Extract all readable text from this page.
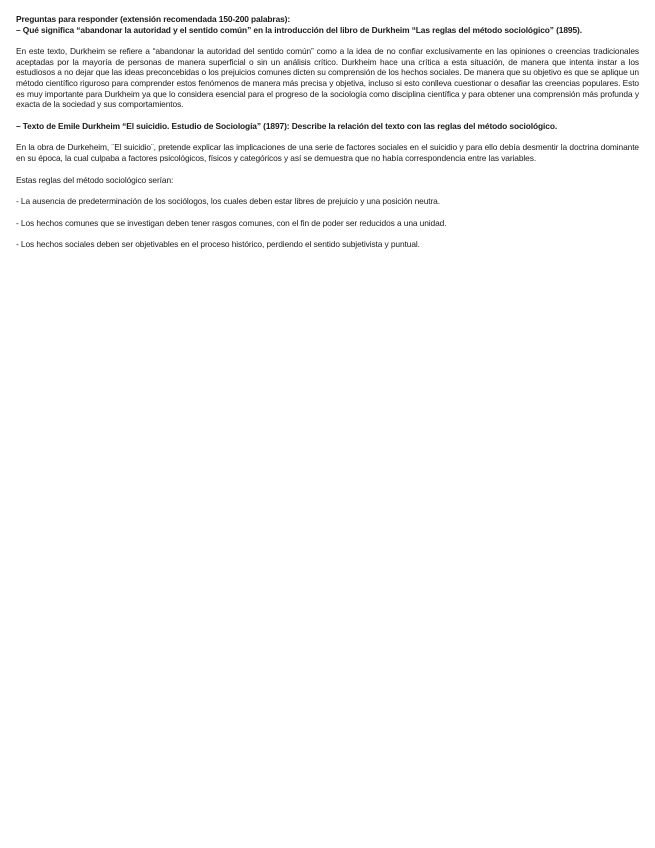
Preguntas para responder (extensión recomendada 150-200 palabras):

– Qué significa “abandonar la autoridad y el sentido común” en la introducción del libro de Durkheim “Las reglas del método sociológico” (1895).

En este texto, Durkheim se refiere a “abandonar la autoridad del sentido común” como a la idea de no confiar exclusivamente en las opiniones o creencias tradicionales aceptadas por la mayoría de personas de manera superficial o sin un análisis crítico. Durkheim hace una crítica a esta situación, de manera que intenta instar a los estudiosos a no dejar que las ideas preconcebidas o los prejuicios comunes dicten su comprensión de los hechos sociales. De manera que su objetivo es que se aplique un método científico riguroso para comprender estos fenómenos de manera más precisa y objetiva, incluso si esto conlleva cuestionar o desafiar las creencias populares. Esto es muy importante para Durkheim ya que lo considera esencial para el progreso de la sociología como disciplina científica y para obtener una comprensión más profunda y exacta de la sociedad y sus comportamientos.

– Texto de Emile Durkheim “El suicidio. Estudio de Sociología” (1897): Describe la relación del texto con las reglas del método sociológico.

En la obra de Durkeheim, ¨El suicidio¨, pretende explicar las implicaciones de una serie de factores sociales en el suicidio y para ello debía desmentir la doctrina dominante en su época, la cual culpaba a factores psicológicos, físicos y categóricos y así se demuestra que no había correspondencia entre las variables.

Estas reglas del método sociológico serían:

- La ausencia de predeterminación de los sociólogos, los cuales deben estar libres de prejuicio y una posición neutra.

- Los hechos comunes que se investigan deben tener rasgos comunes, con el fin de poder ser reducidos a una unidad.

- Los hechos sociales deben ser objetivables en el proceso histórico, perdiendo el sentido subjetivista y puntual.
